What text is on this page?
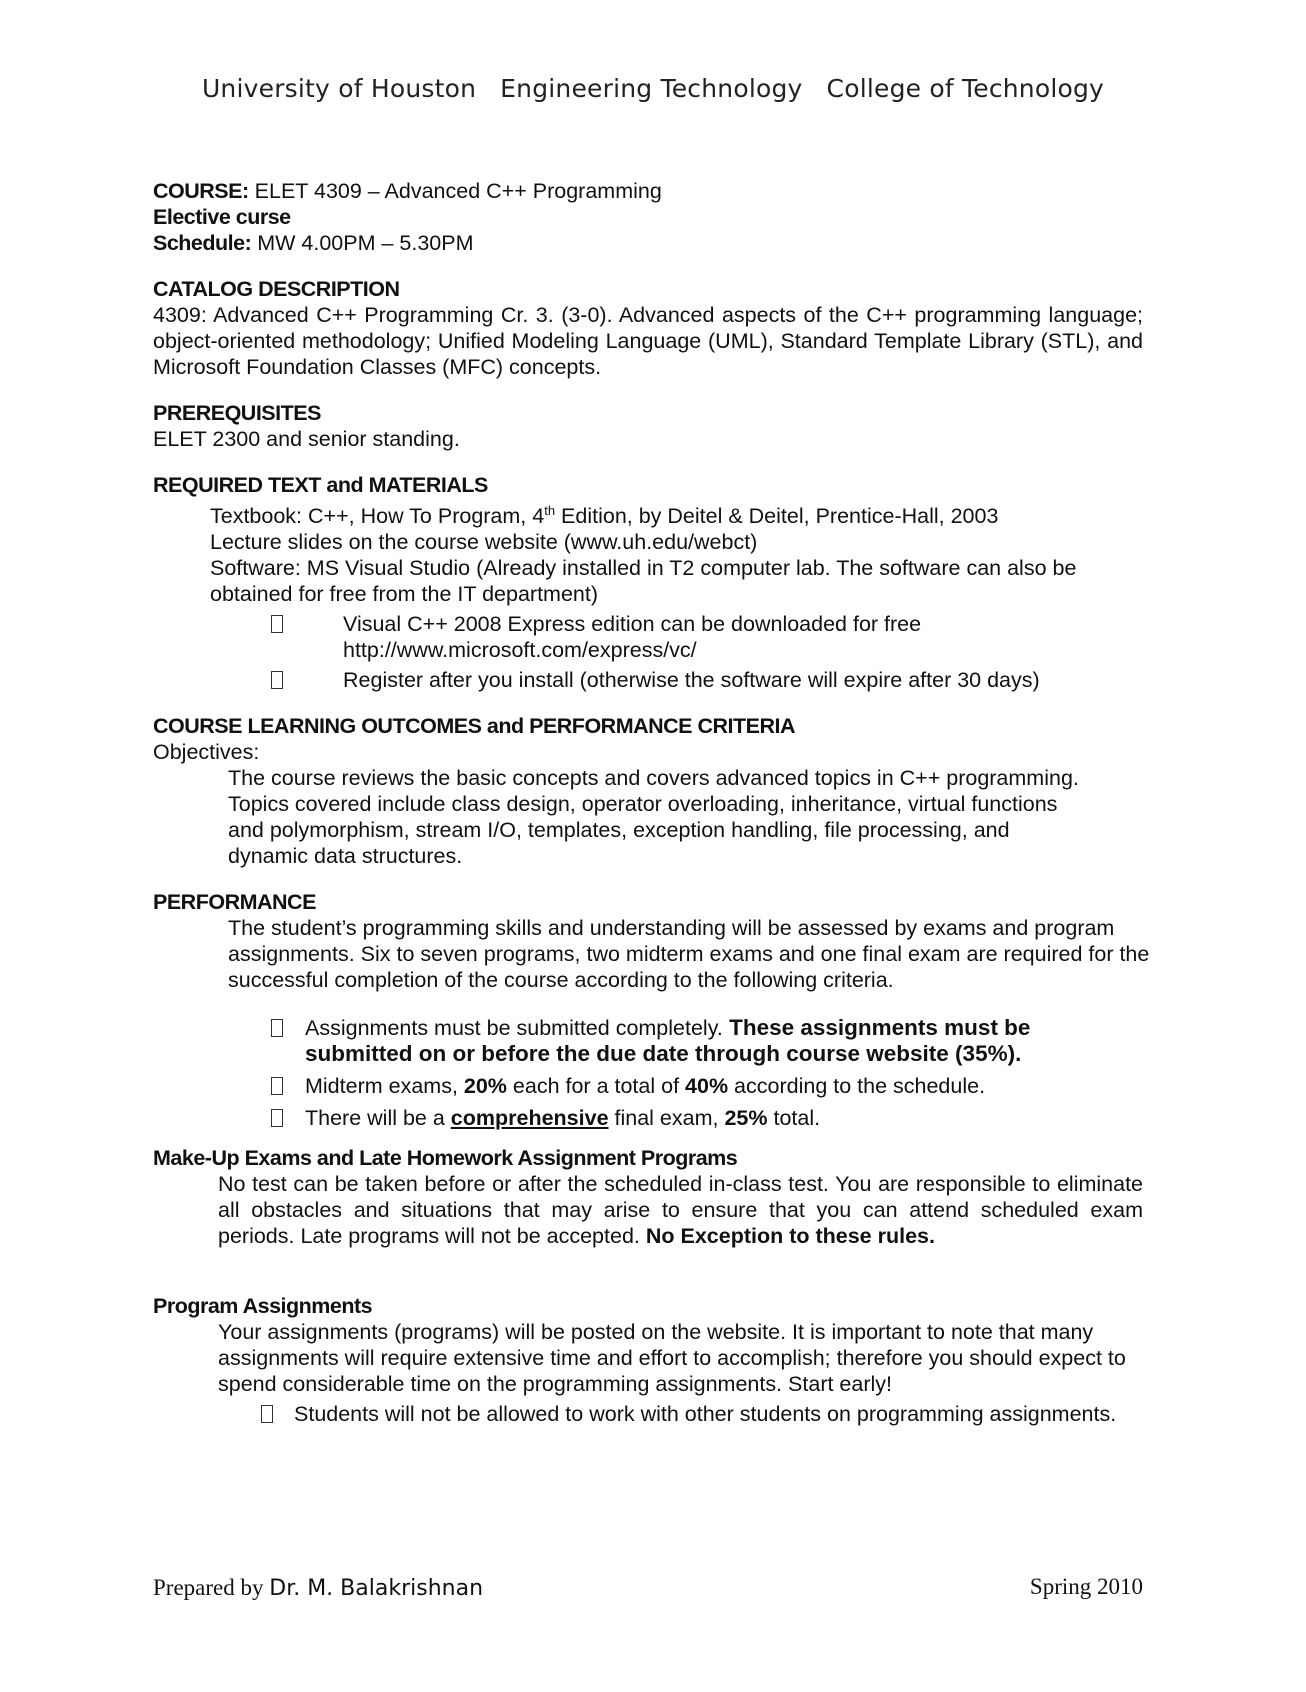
University of Houston Engineering Technology College of Technology
COURSE: ELET 4309 – Advanced C++ Programming
Elective curse
Schedule: MW 4.00PM – 5.30PM
CATALOG DESCRIPTION
4309: Advanced C++ Programming Cr. 3. (3-0). Advanced aspects of the C++ programming language; object-oriented methodology; Unified Modeling Language (UML), Standard Template Library (STL), and Microsoft Foundation Classes (MFC) concepts.
PREREQUISITES
ELET 2300 and senior standing.
REQUIRED TEXT and MATERIALS
Textbook: C++, How To Program, 4th Edition, by Deitel & Deitel, Prentice-Hall, 2003
Lecture slides on the course website (www.uh.edu/webct)
Software: MS Visual Studio (Already installed in T2 computer lab. The software can also be obtained for free from the IT department)
Visual C++ 2008 Express edition can be downloaded for free
http://www.microsoft.com/express/vc/
Register after you install (otherwise the software will expire after 30 days)
COURSE LEARNING OUTCOMES and PERFORMANCE CRITERIA
Objectives:
The course reviews the basic concepts and covers advanced topics in C++ programming. Topics covered include class design, operator overloading, inheritance, virtual functions and polymorphism, stream I/O, templates, exception handling, file processing, and dynamic data structures.
PERFORMANCE
The student’s programming skills and understanding will be assessed by exams and program assignments. Six to seven programs, two midterm exams and one final exam are required for the successful completion of the course according to the following criteria.
Assignments must be submitted completely. These assignments must be submitted on or before the due date through course website (35%).
Midterm exams, 20% each for a total of 40% according to the schedule.
There will be a comprehensive final exam, 25% total.
Make-Up Exams and Late Homework Assignment Programs
No test can be taken before or after the scheduled in-class test. You are responsible to eliminate all obstacles and situations that may arise to ensure that you can attend scheduled exam periods. Late programs will not be accepted. No Exception to these rules.
Program Assignments
Your assignments (programs) will be posted on the website. It is important to note that many assignments will require extensive time and effort to accomplish; therefore you should expect to spend considerable time on the programming assignments. Start early!
Students will not be allowed to work with other students on programming assignments.
Prepared by Dr. M. Balakrishnan	Spring 2010
